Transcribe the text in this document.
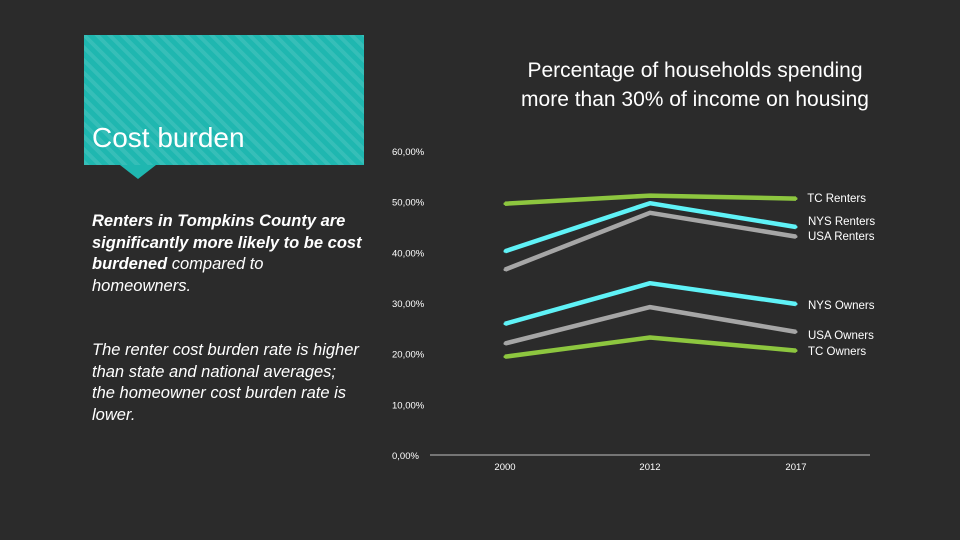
Cost burden
Renters in Tompkins County are significantly more likely to be cost burdened compared to homeowners.
The renter cost burden rate is higher than state and national averages; the homeowner cost burden rate is lower.
Percentage of households spending
more than 30% of income on housing
0,00%
10,00%
20,00%
30,00%
40,00%
50,00%
60,00%
2000	2012	2017
TC Renters
NYS Renters
USA Renters
NYS Owners
USA Owners
TC Owners
